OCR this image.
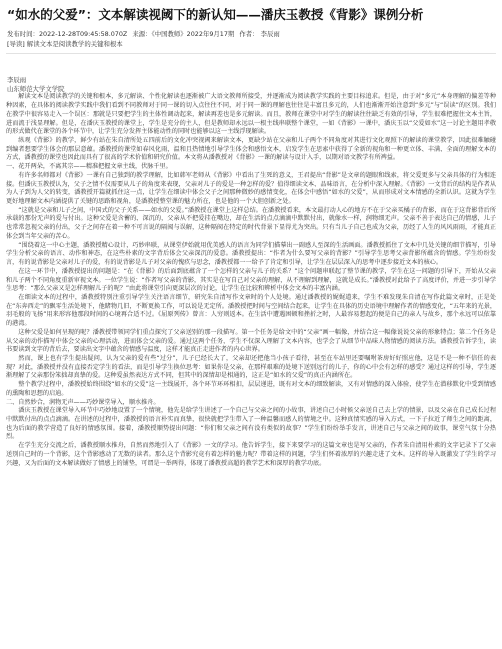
“如水的父爱”：文本解读视阈下的新认知——潘庆玉教授《背影》课例分析
发布时间：2022-12-28T09:45:58.070Z 来源：《中国教师》2022年9月17期 作者： 李辰雨
[导读] 解读文本是阅读教学的关键和根本
李辰雨
山东师范大学文学院

解读文本是阅读教学的关键和根本，多元解读、个性化解读也逐渐被广大语文教师所接受，并逐渐成为阅读教学实践的主要目标追求。但是，由于对“多元”本身理解的偏差等种种因素，在具体的阅读教学实践中我们看到不同教师对于同一课的切入点往往不同，对于同一课的理解也往往是丰富且多元的，人们也渐渐开始注意到“多元”与“误读”的区别。我们在教学中很容易走入一个误区：那就是只要把学生的主体性调动起来，解读再差也是多元解读。而且，教师在课堂中对学生的解读往往缺乏有效的引导，学生很难把握住文本主旨，进而流于浅显理解。但是，在潘庆玉教授的课堂上，学生是充分的主人，但是教师却永远以一根主线串联整个课堂，一如《背影》一课中，潘庆玉以“父爱如水”这一讨论主题用孝敬的形式做代在课堂的各个环节中，让学生充分发挥主体能动性的同时也能够以这一主线浮现解读。

纵观《背影》的教学，鲜少有站在朱自清所处五四前后的文化冲突视阈来解读文本，更缺少站在父亲和儿子两个不同角度对其进行文化观照下的解读的课堂教学，因此很难触碰到编者想要学生体会的那层意蕴。潘教授的课堂如春风化雨，温和且热情地引导学生体会和感悟文本，启发学生在思索中获得了全新的视角和一种更立体、丰满、全面的理解文本的方式，潘教授的课堂也因此而具有了很高的学术价值和研究价值。本文将从潘教授对《背影》一课的解读与设计入手，以期对语文教学有所裨益。

一、花开两朵，不离其宗——精准把握文章主线，伏脉千里。

有许多名师都对《背影》一课有自己独到的教学理解，比如韩军老师从《背影》中看出了生死的意义，王君提出“背影”是文章的题眼和线索，将父爱更多与父亲具体的行为相连接。但潘庆玉教授认为，父子之情不仅需要从儿子的角度来表现，父亲对儿子的爱是一种怎样的爱？值得细读文本、品味语言，在分析中深入理解。《背影》一文背后的结构是作者从为人子到为人父的转变，潘教授开篇就抓住这一点，让学生在细读中体会父子之间那种微妙的感情变化，在体会中感悟“如水的父爱”，从而形成对文本情感的全新认识。这就为学生更好地理解文本内涵提供了关键的思路和视角，是潘教授整堂课的魅力所在，也是他的一个大胆创新之处。

“这就是父亲和儿子之间，中国式的父子关系——如水的父爱。”潘教授在课堂上这样总结。在潘教授看来，本文最打动人心的地方不在于父亲买橘子的背影，而在于这背影背后所承载的那份无声的爱与付出。这种父爱是含蓄的、深沉的，父亲从不把爱挂在嘴边，却在生活的点点滴滴中默默付出，就像水一样，润物细无声。父亲不善于表达自己的情感，儿子也常常忽视父亲的付出，父子之间存在着一种不可言说的隔阂与误解，这种隔阂在特定的时代背景下显得尤为突出。只有当儿子自己也成为父亲，历经了人生的风风雨雨，才能真正体会到当年父亲的苦心。

“围绕着这一中心主题，潘教授精心设计，巧妙串联，从课堂伊始就用优美感人的语言为同学们描摹出一副感人至深的生活画面。潘教授抓住了文本中几处关键的细节描写，引导学生分析父亲的语言、动作和神态，在这些朴素的文字背后体会父亲深沉的爱意。潘教授提出：“作者为什么要写父亲的背影？”引导学生思考父亲背影所蕴含的情感。学生纷纷发言，有的说背影是父亲对儿子的爱，有的说背影是儿子对父亲的愧疚与思念，潘教授都一一给予了肯定和引导，让学生在层层深入的思考中逐步接近文本的核心。

在这一环节中，潘教授提出的问题是：“在《背影》的后面到底蕴含了一个怎样的父亲与儿子的关系？”这个问题串联起了整节课的教学，学生在这一问题的引导下，开始从父亲和儿子两个不同角度重新审视文本。一位学生说：“作者写父亲的背影，其实是在写自己对父亲的理解，从不理解到理解，这就是成长。”潘教授对此给予了高度评价，并进一步引导学生思考：“那么父亲又是怎样理解儿子的呢？”由此将课堂引向更深层次的讨论，让学生在比较和辨析中体会文本的丰富内涵。

在细读文本的过程中，潘教授特别注重引导学生关注语言细节，研究朱自清写作文章时的个人处境。通过潘教授的娓娓道来，学生不难发现朱自清在写作此篇文章时，正是处在“东奔西走”的飘零生活处境下，他睹物几旧，不断更换工作，可以说是无定所。潘教授把时间与空间结合起来，让学生在具体的历史语境中理解作者的情感变化，“五年来的光景，羽毛般的飞扬”用来形容他那段时间的心境再合适不过。《屈原列传》曾言：人穷则返本。在生活中遭遇困顿和挫折之时，人最容易想起的便是自己的亲人与故乡，那个永远可以依靠的港湾。

这种父爱是如何呈现的呢？潘教授带领同学们重点探究了父亲送别的那一段描写。第一个任务是给文中的“父亲”画一幅像，并结合这一幅像说说父亲的形象特点；第二个任务是从父亲的动作描写中体会父亲的心理活动，进而体会父亲的爱。通过这两个任务，学生不仅深入理解了文本内容，也学会了从细节中品味人物情感的阅读方法。潘教授告诉学生，读书要读到文字的背后去，要读出文字中蕴含的情感与温度，这样才能真正走进作者的内心世界。

然而，课上也有学生提出疑问，认为父亲的爱有些“过分”，儿子已经长大了，父亲却还把他当小孩子看待，甚至在车站里还要嘱咐茶房好好照应他，这是不是一种不信任的表现？对此，潘教授并没有直接否定学生的看法，而是引导学生换位思考：如果你是父亲，在那样艰难的处境下送别远行的儿子，你的心中会有怎样的感受？通过这样的引导，学生逐渐理解了父亲那份笨拙却真挚的爱。这种爱虽然表达方式不同，但其中的深情却是相通的，这正是“如水的父爱”的真正内涵所在。

整个教学过程中，潘教授始终围绕“如水的父爱”这一主线展开，各个环节环环相扣，层层递进，既有对文本的细致解读，又有对情感的深入体验，使学生在潜移默化中受到情感的熏陶和思想的启迪。

二、自然妙合，润物无声——巧妙课堂导入，顺水推舟。

潘庆玉教授在课堂导入环节中巧妙地设置了一个情境，他先是给学生讲述了一个自己与父亲之间的小故事，讲述自己小时候父亲送自己去上学的情景，以及父亲在自己成长过程中默默付出的点点滴滴。在讲述的过程中，潘教授的语言朴实而真挚，很快就把学生带入了一种温馨而感人的情境之中。这种真情实感的导入方式，一下子拉近了师生之间的距离，也为后面的教学营造了良好的情感氛围。接着，潘教授顺势提出问题：“你们和父亲之间有没有类似的故事？”学生们纷纷举手发言，讲述自己与父亲之间的故事，课堂气氛十分热烈。

在学生充分交流之后，潘教授顺水推舟，自然而然地引入了《背影》一文的学习。他告诉学生，接下来要学习的这篇文章也是写父亲的，作者朱自清用朴素的文字记录下了父亲送别自己时的一个背影，这个背影感动了无数的读者。那么这个背影究竟有着怎样的魅力呢？带着这样的问题，学生们怀着浓厚的兴趣走进了文本。这样的导入既激发了学生的学习兴趣，又为后面的文本解读做好了情感上的铺垫，可谓是一举两得，体现了潘教授高超的教学艺术和深厚的教学功底。
